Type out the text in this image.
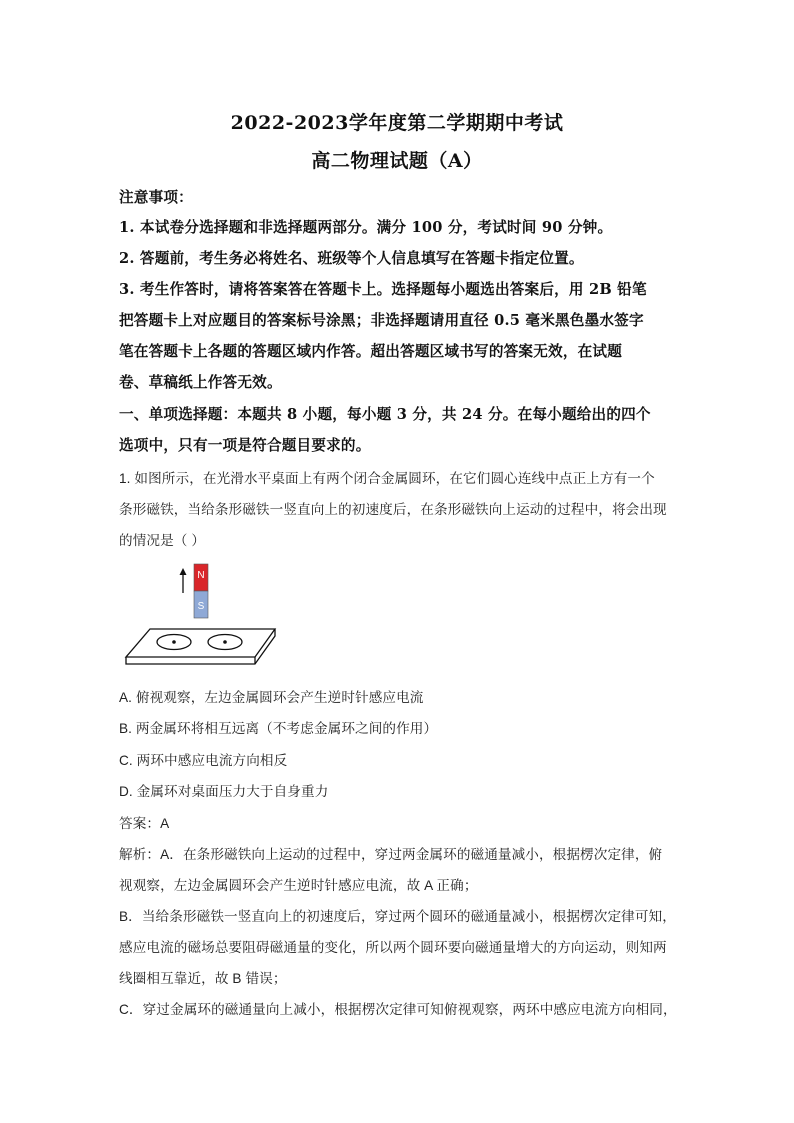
2022-2023学年度第二学期期中考试
高二物理试题（A）
注意事项：
1. 本试卷分选择题和非选择题两部分。满分 100 分，考试时间 90 分钟。
2. 答题前，考生务必将姓名、班级等个人信息填写在答题卡指定位置。
3. 考生作答时，请将答案答在答题卡上。选择题每小题选出答案后，用 2B 铅笔
把答题卡上对应题目的答案标号涂黑；非选择题请用直径 0.5 毫米黑色墨水签字
笔在答题卡上各题的答题区域内作答。超出答题区域书写的答案无效，在试题
卷、草稿纸上作答无效。
一、单项选择题：本题共 8 小题，每小题 3 分，共 24 分。在每小题给出的四个
选项中，只有一项是符合题目要求的。
1. 如图所示，在光滑水平桌面上有两个闭合金属圆环，在它们圆心连线中点正上方有一个
条形磁铁，当给条形磁铁一竖直向上的初速度后，在条形磁铁向上运动的过程中，将会出现
的情况是（ ）
N
S
A. 俯视观察，左边金属圆环会产生逆时针感应电流
B. 两金属环将相互远离（不考虑金属环之间的作用）
C. 两环中感应电流方向相反
D. 金属环对桌面压力大于自身重力
答案：A
解析：A．在条形磁铁向上运动的过程中，穿过两金属环的磁通量减小，根据楞次定律，俯
视观察，左边金属圆环会产生逆时针感应电流，故 A 正确；
B．当给条形磁铁一竖直向上的初速度后，穿过两个圆环的磁通量减小，根据楞次定律可知，
感应电流的磁场总要阻碍磁通量的变化，所以两个圆环要向磁通量增大的方向运动，则知两
线圈相互靠近，故 B 错误；
C．穿过金属环的磁通量向上减小，根据楞次定律可知俯视观察，两环中感应电流方向相同，
